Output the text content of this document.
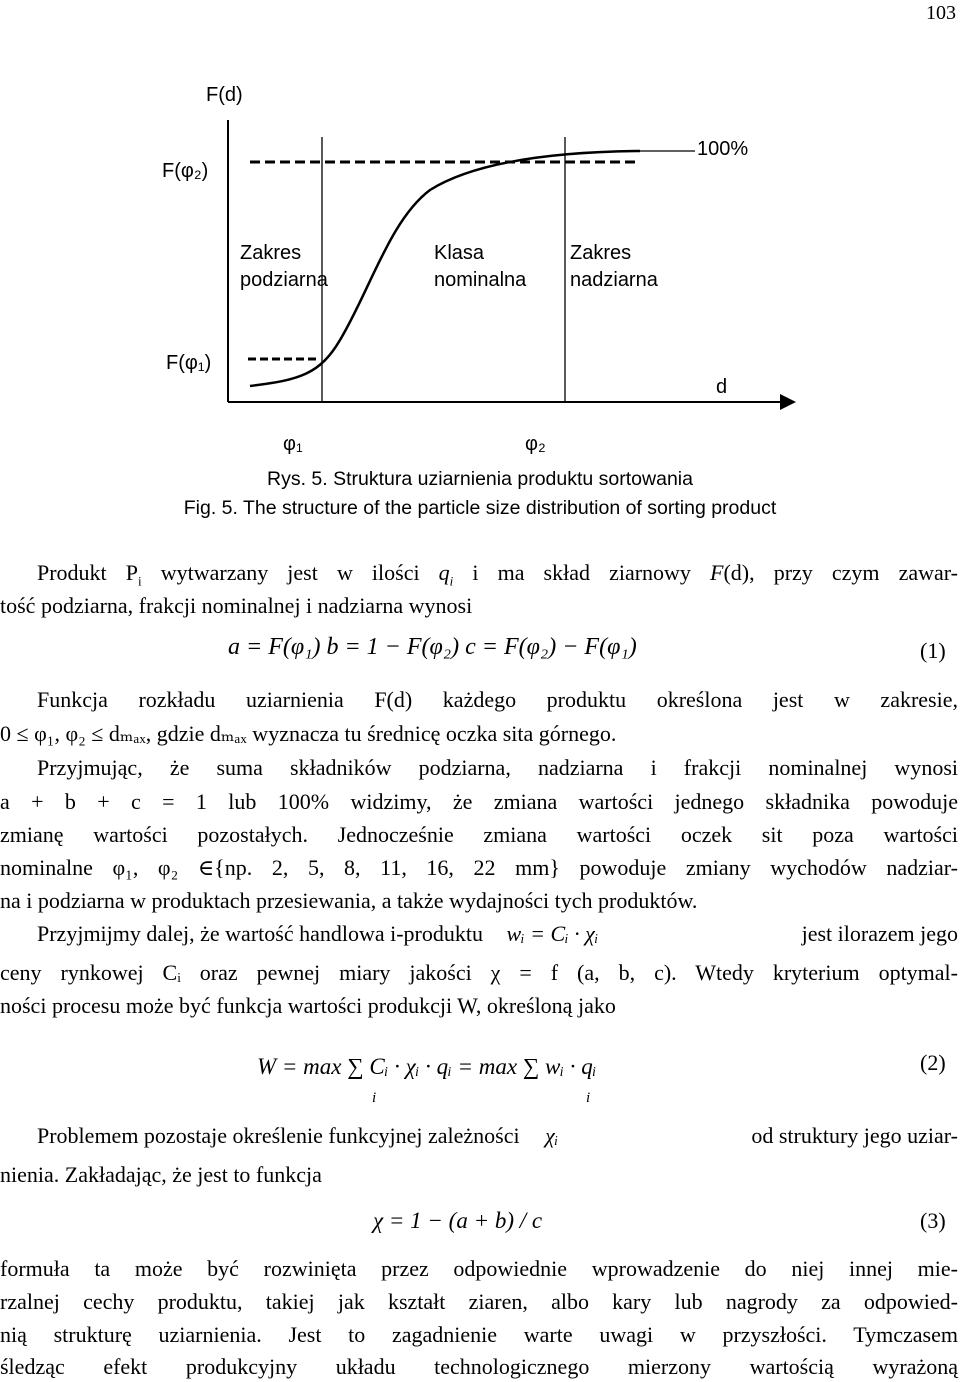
103
F(d)
F(φ₂)
100%
F(φ₁)
d
φ₁	φ₂
Zakres
podziarna
Klasa
nominalna
Zakres
nadziarna
Rys. 5. Struktura uziarnienia produktu sortowania
Fig. 5. The structure of the particle size distribution of sorting product
Produkt $P_i$ wytwarzany jest w ilości $q_i$ i ma skład ziarnowy F(d), przy czym zawar-
tość podziarna, frakcji nominalnej i nadziarna wynosi
a = F(φ₁) b = 1 − F(φ₂) c = F(φ₂) − F(φ₁)	(1)
Funkcja rozkładu uziarnienia F(d) każdego produktu określona jest w zakresie,
0 ≤ φ₁, φ₂ ≤ dₘₐₓ, gdzie dₘₐₓ wyznacza tu średnicę oczka sita górnego.
Przyjmując, że suma składników podziarna, nadziarna i frakcji nominalnej wynosi
a + b + c = 1 lub 100% widzimy, że zmiana wartości jednego składnika powoduje
zmianę wartości pozostałych. Jednocześnie zmiana wartości oczek sit poza wartości
nominalne φ₁, φ₂ ∈{np. 2, 5, 8, 11, 16, 22 mm} powoduje zmiany wychodów nadziar-
na i podziarna w produktach przesiewania, a także wydajności tych produktów.
Przyjmijmy dalej, że wartość handlowa i-produktu wᵢ = Cᵢ · χᵢ	jest ilorazem jego
ceny rynkowej Cᵢ oraz pewnej miary jakości χ = f (a, b, c). Wtedy kryterium optymal-
ności procesu może być funkcja wartości produkcji W, określoną jako
W = max ∑ Cᵢ · χᵢ · qᵢ = max ∑ wᵢ · qᵢ
i	i
(2)
Problemem pozostaje określenie funkcyjnej zależności χᵢ	od struktury jego uziar-
nienia. Zakładając, że jest to funkcja
χ = 1 − (a + b) / c	(3)
formuła ta może być rozwinięta przez odpowiednie wprowadzenie do niej innej mie-
rzalnej cechy produktu, takiej jak kształt ziaren, albo kary lub nagrody za odpowied-
nią strukturę uziarnienia. Jest to zagadnienie warte uwagi w przyszłości. Tymczasem
śledząc efekt produkcyjny układu technologicznego mierzony wartością wyrażoną
